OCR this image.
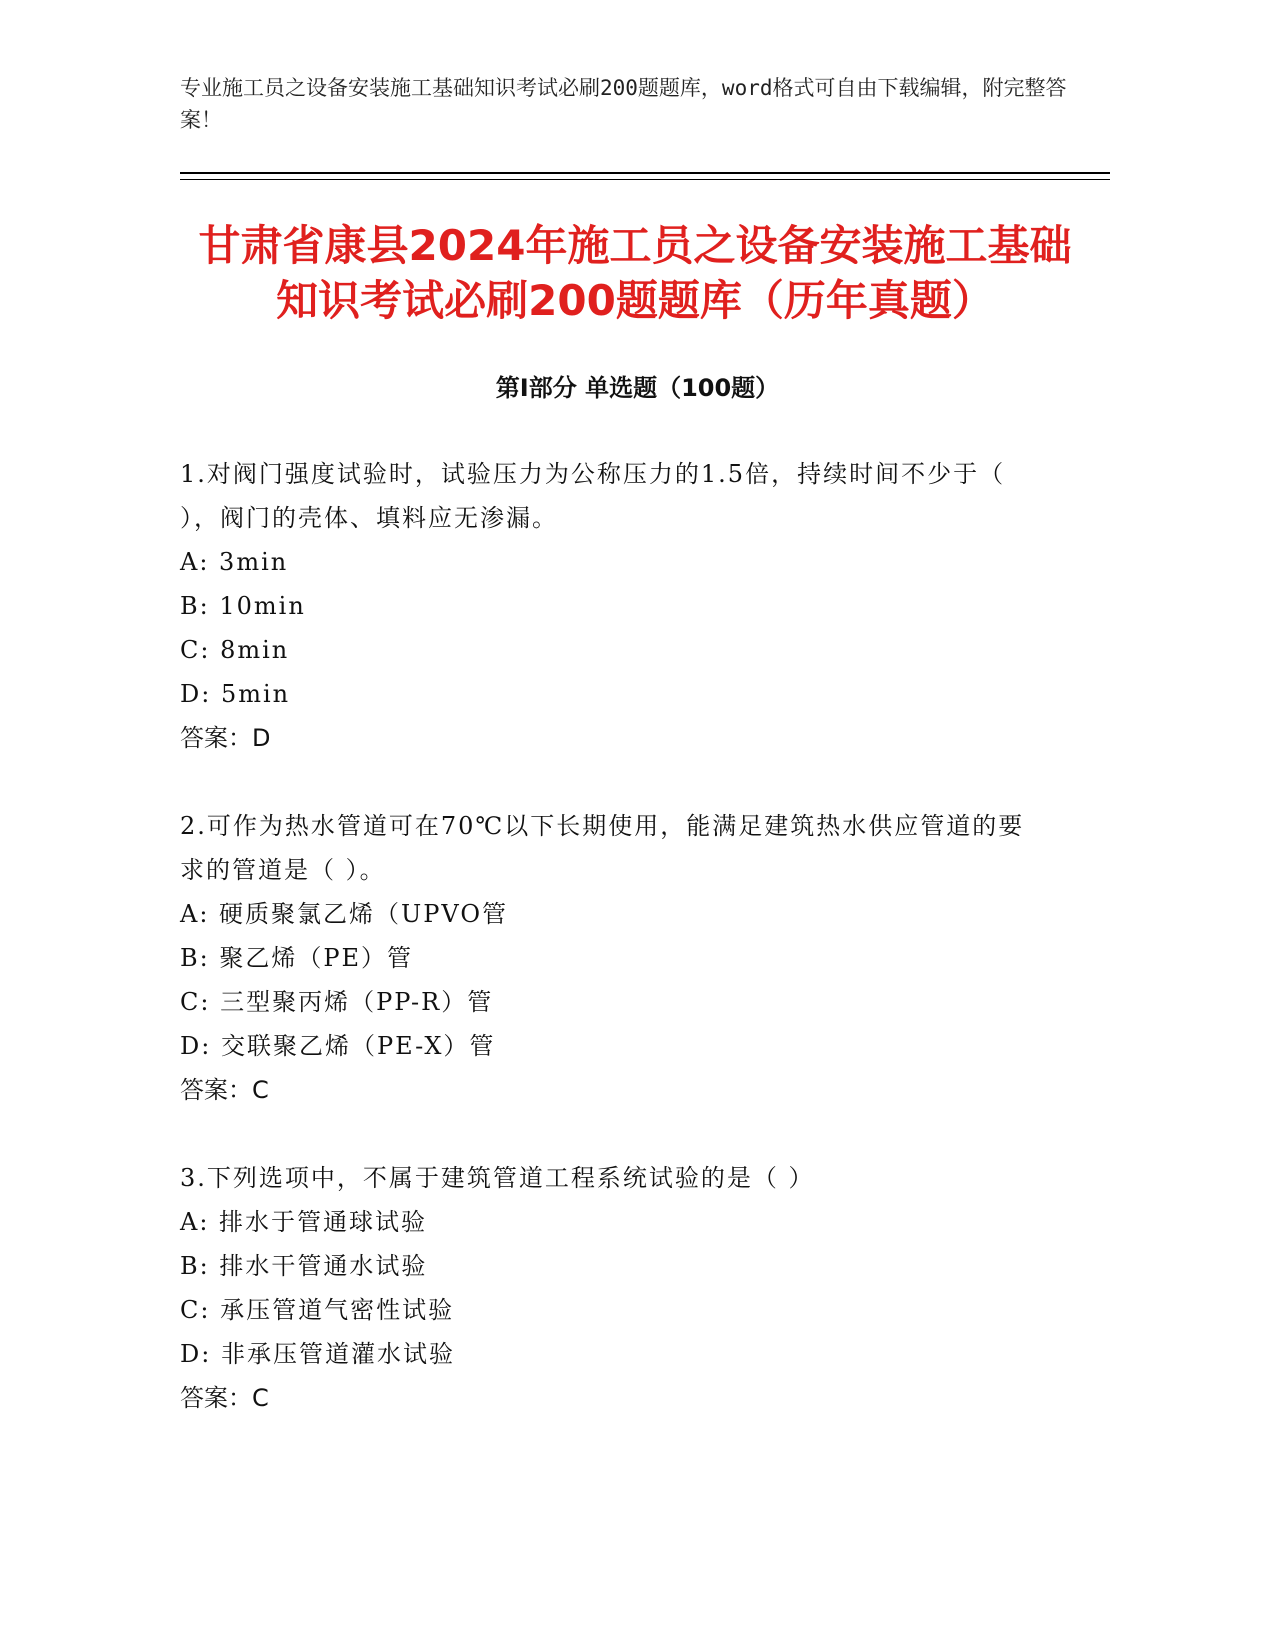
专业施工员之设备安装施工基础知识考试必刷200题题库，word格式可自由下载编辑，附完整答案！
甘肃省康县2024年施工员之设备安装施工基础知识考试必刷200题题库（历年真题）
第Ⅰ部分 单选题（100题）

1.对阀门强度试验时，试验压力为公称压力的1.5倍，持续时间不少于（ ），阀门的壳体、填料应无渗漏。

A: 3min

B: 10min

C: 8min

D: 5min

答案：D

2.可作为热水管道可在70℃以下长期使用，能满足建筑热水供应管道的要求的管道是（ ）。

A: 硬质聚氯乙烯（UPVO管

B: 聚乙烯（PE）管

C: 三型聚丙烯（PP-R）管

D: 交联聚乙烯（PE-X）管

答案：C

3.下列选项中，不属于建筑管道工程系统试验的是（ ）

A: 排水于管通球试验

B: 排水干管通水试验

C: 承压管道气密性试验

D: 非承压管道灌水试验

答案：C
